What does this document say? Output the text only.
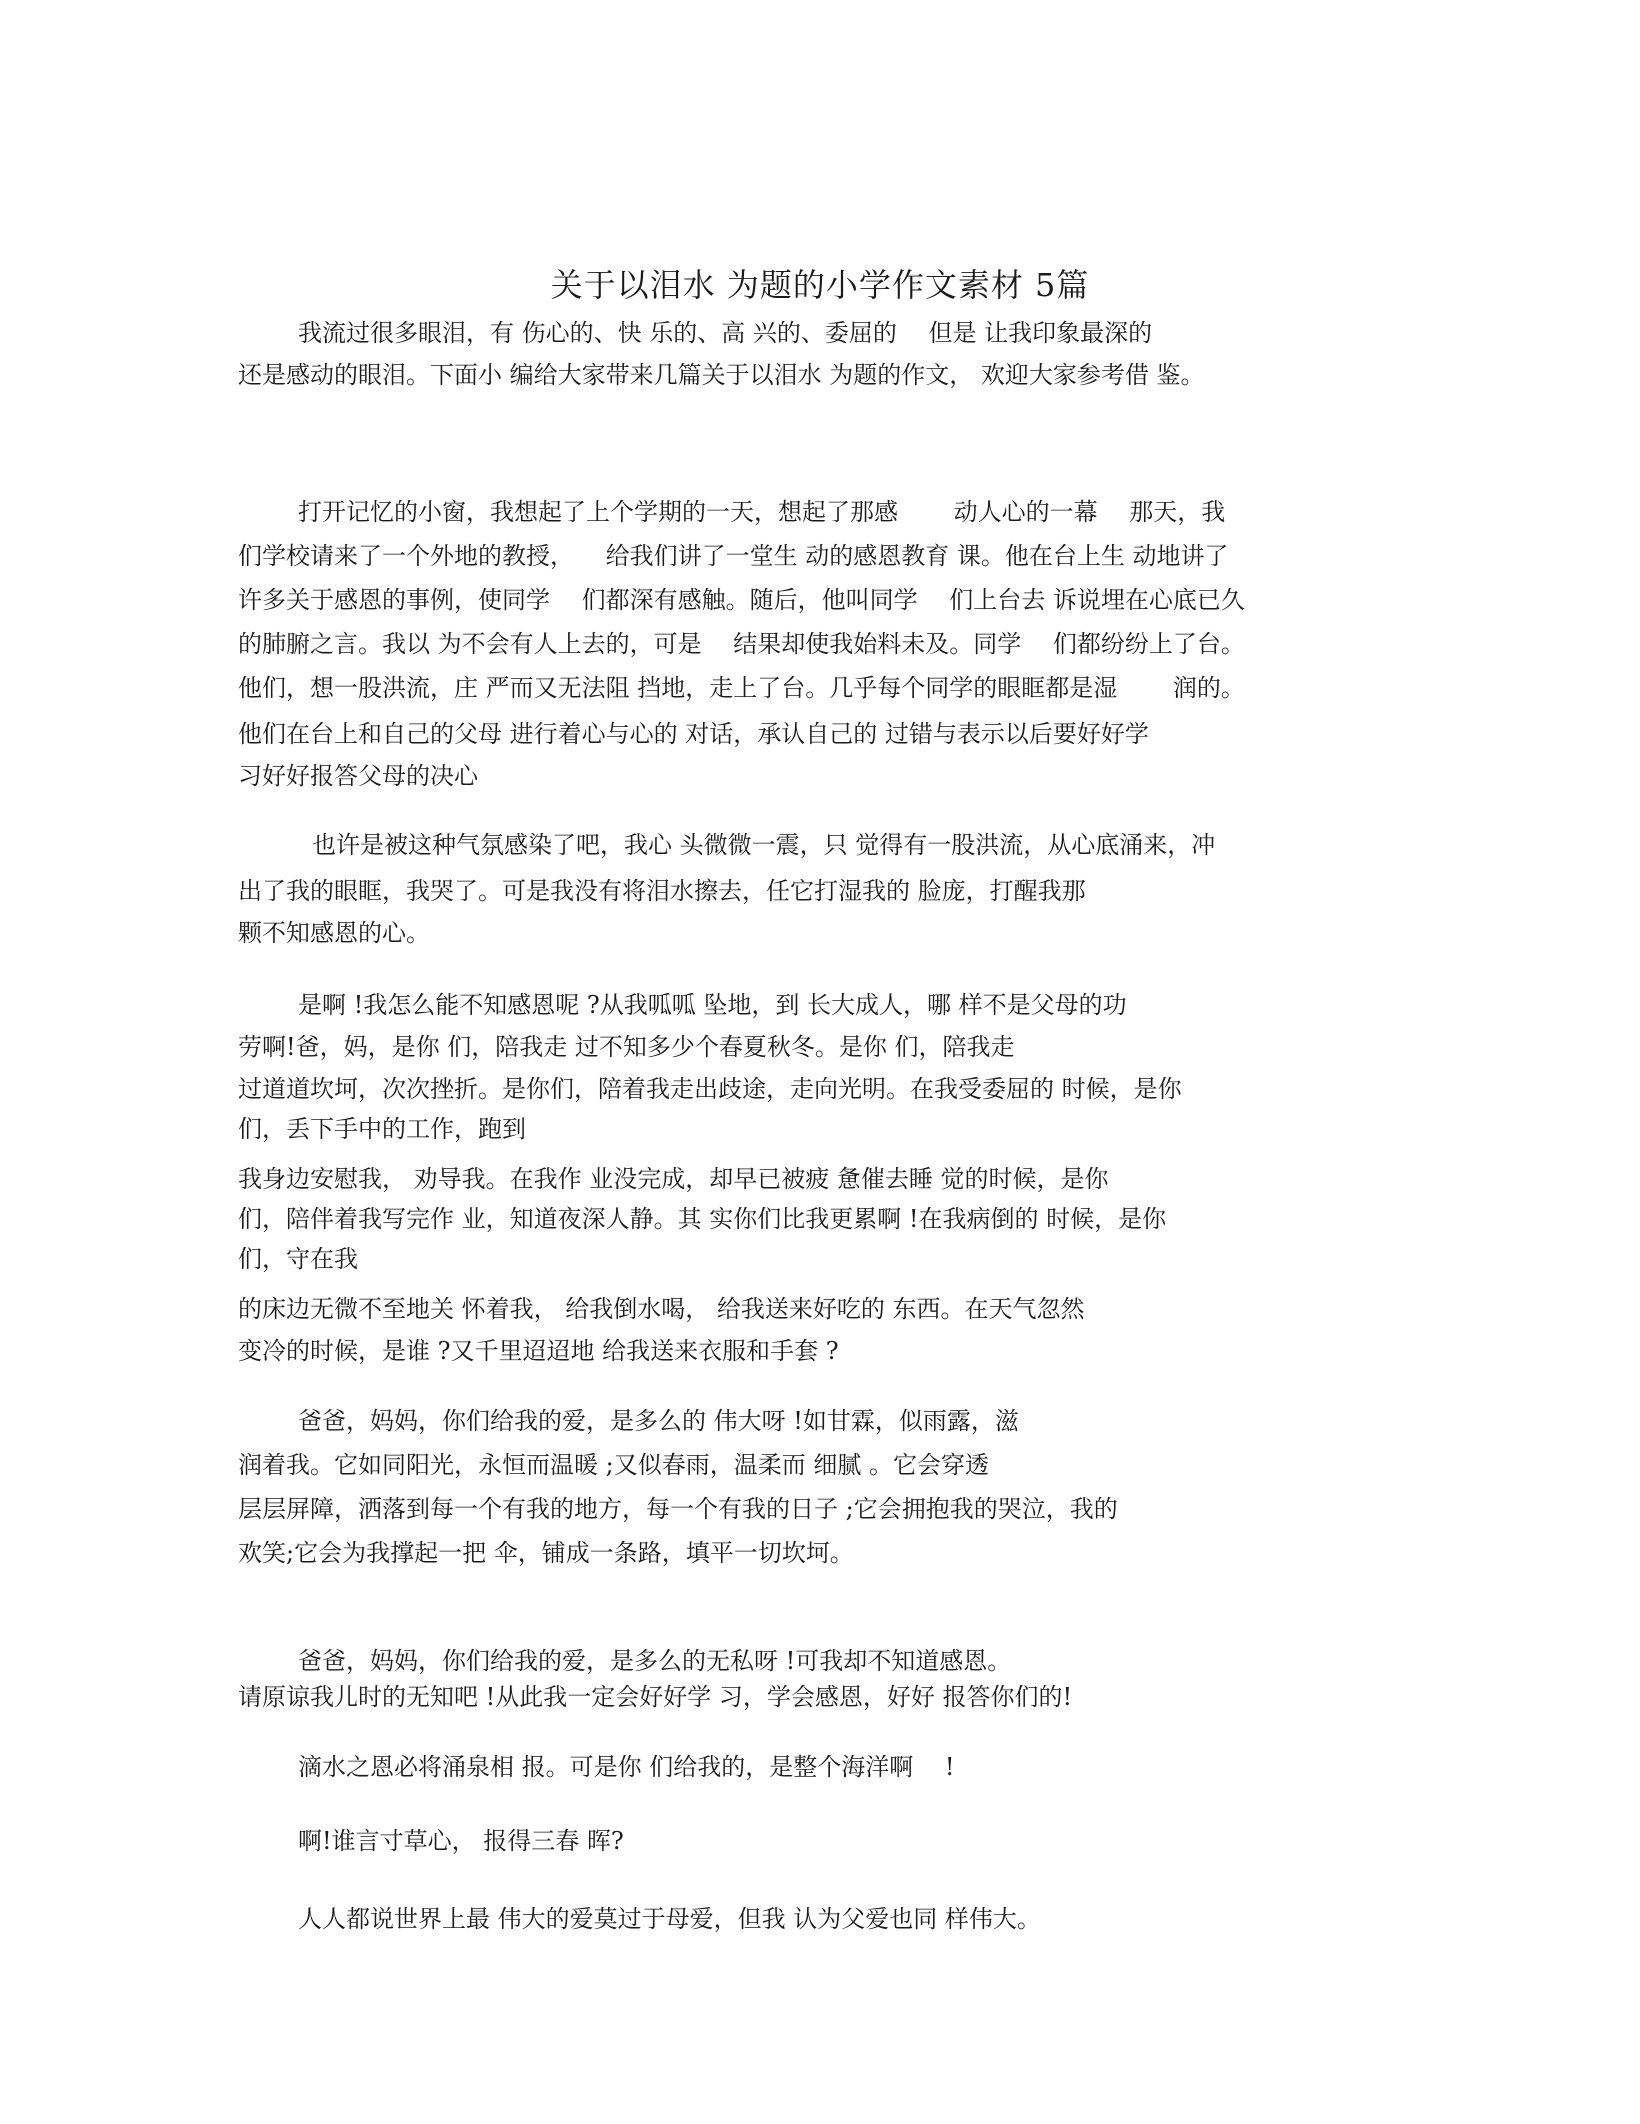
关于以泪水 为题的小学作文素材 5篇
我流过很多眼泪，有 伤心的、快 乐的、高 兴的、委屈的 　但是 让我印象最深的
还是感动的眼泪。下面小 编给大家带来几篇关于以泪水 为题的作文， 欢迎大家参考借 鉴。
打开记忆的小窗，我想起了上个学期的一天，想起了那感 　　动人心的一幕 　那天，我
们学校请来了一个外地的教授， 　给我们讲了一堂生 动的感恩教育 课。他在台上生 动地讲了
许多关于感恩的事例，使同学 　们都深有感触。随后，他叫同学 　们上台去 诉说埋在心底已久
的肺腑之言。我以 为不会有人上去的，可是 　结果却使我始料未及。同学 　们都纷纷上了台。
他们，想一股洪流，庄 严而又无法阻 挡地，走上了台。几乎每个同学的眼眶都是湿 　　润的。
他们在台上和自己的父母 进行着心与心的 对话，承认自己的 过错与表示以后要好好学
习好好报答父母的决心
也许是被这种气氛感染了吧，我心 头微微一震，只 觉得有一股洪流，从心底涌来，冲
出了我的眼眶，我哭了。可是我没有将泪水擦去，任它打湿我的 脸庞，打醒我那
颗不知感恩的心。
是啊 !我怎么能不知感恩呢 ?从我呱呱 坠地，到 长大成人，哪 样不是父母的功
劳啊!爸，妈，是你 们，陪我走 过不知多少个春夏秋冬。是你 们，陪我走
过道道坎坷，次次挫折。是你们，陪着我走出歧途，走向光明。在我受委屈的 时候，是你
们，丢下手中的工作，跑到
我身边安慰我， 劝导我。在我作 业没完成，却早已被疲 惫催去睡 觉的时候，是你
们，陪伴着我写完作 业，知道夜深人静。其 实你们比我更累啊 !在我病倒的 时候，是你
们，守在我
的床边无微不至地关 怀着我， 给我倒水喝， 给我送来好吃的 东西。在天气忽然
变冷的时候，是谁 ?又千里迢迢地 给我送来衣服和手套 ?
爸爸，妈妈，你们给我的爱，是多么的 伟大呀 !如甘霖，似雨露，滋
润着我。它如同阳光，永恒而温暖 ;又似春雨，温柔而 细腻 。它会穿透
层层屏障，洒落到每一个有我的地方，每一个有我的日子 ;它会拥抱我的哭泣，我的
欢笑;它会为我撑起一把 伞，铺成一条路，填平一切坎坷。
爸爸，妈妈，你们给我的爱，是多么的无私呀 !可我却不知道感恩。
请原谅我儿时的无知吧 !从此我一定会好好学 习，学会感恩，好好 报答你们的!
滴水之恩必将涌泉相 报。可是你 们给我的，是整个海洋啊 　!
啊!谁言寸草心， 报得三春 晖?
人人都说世界上最 伟大的爱莫过于母爱，但我 认为父爱也同 样伟大。
